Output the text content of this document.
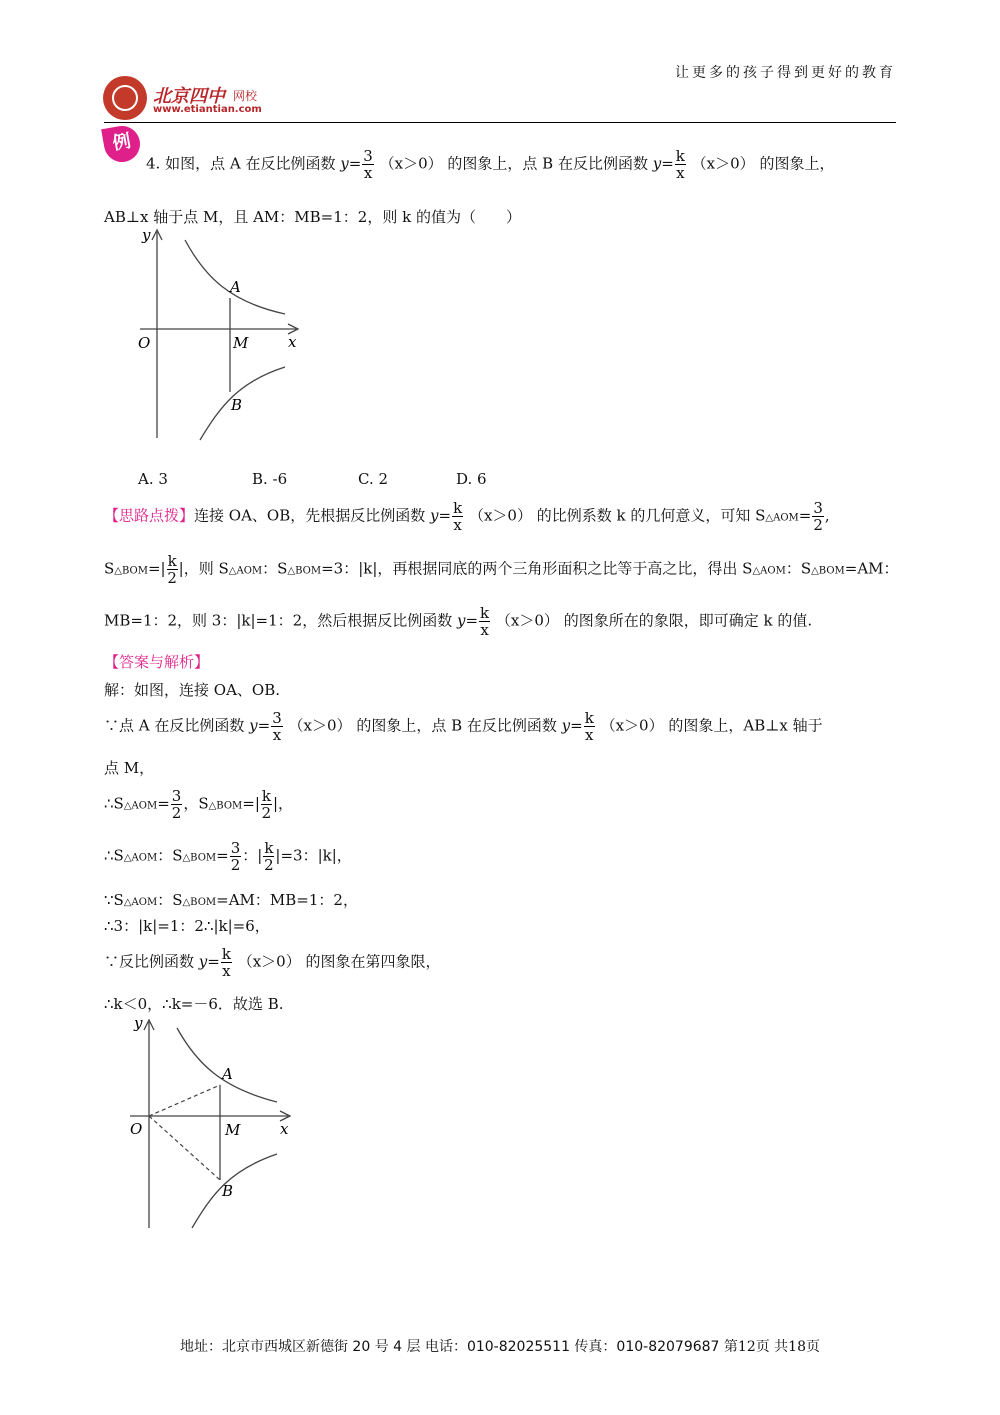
让更多的孩子得到更好的教育
北京四中 网校
www.etiantian.com
例
4. 如图，点 A 在反比例函数 $y= \frac{3}{x} (x>0)$ 的图象上，点 B 在反比例函数 $y= \frac{k}{x} (x>0)$ 的图象上，
AB⊥x 轴于点 M，且 AM：MB=1：2，则 k 的值为（　　）
y
x
O
A
M
B
A. 3	B. -6	C. 2	D. 6
【思路点拨】连接 OA、OB，先根据反比例函数 $y= \frac{k}{x} (x>0)$ 的比例系数 k 的几何意义，可知 S△AOM= $\frac{3}{2}$ ,
S△BOM=| $\frac{k}{2}$ |，则 S△AOM：S△BOM=3：|k|，再根据同底的两个三角形面积之比等于高之比，得出 S△AOM：S△BOM=AM：
MB=1：2，则 3：|k|=1：2，然后根据反比例函数 $y= \frac{k}{x} (x>0)$ 的图象所在的象限，即可确定 k 的值.
【答案与解析】
解：如图，连接 OA、OB.
∵点 A 在反比例函数 $y= \frac{3}{x} (x>0)$ 的图象上，点 B 在反比例函数 $y= \frac{k}{x} (x>0)$ 的图象上，AB⊥x 轴于
点 M，
∴S△AOM= $\frac{3}{2}$ ，S△BOM=| $\frac{k}{2}$ |，
∴S△AOM：S△BOM= $\frac{3}{2}$ ：| $\frac{k}{2} |=3$：|k|，
∵S△AOM：S△BOM=AM：MB=1：2，
∴3：|k|=1：2∴|k|=6，
∵反比例函数 $y= \frac{k}{x} (x>0)$ 的图象在第四象限，
∴k＜0，∴k=－6．故选 B.
y
x
O
A
M
B
地址：北京市西城区新德街 20 号 4 层 电话：010-82025511 传真：010-82079687 第12页 共18页
